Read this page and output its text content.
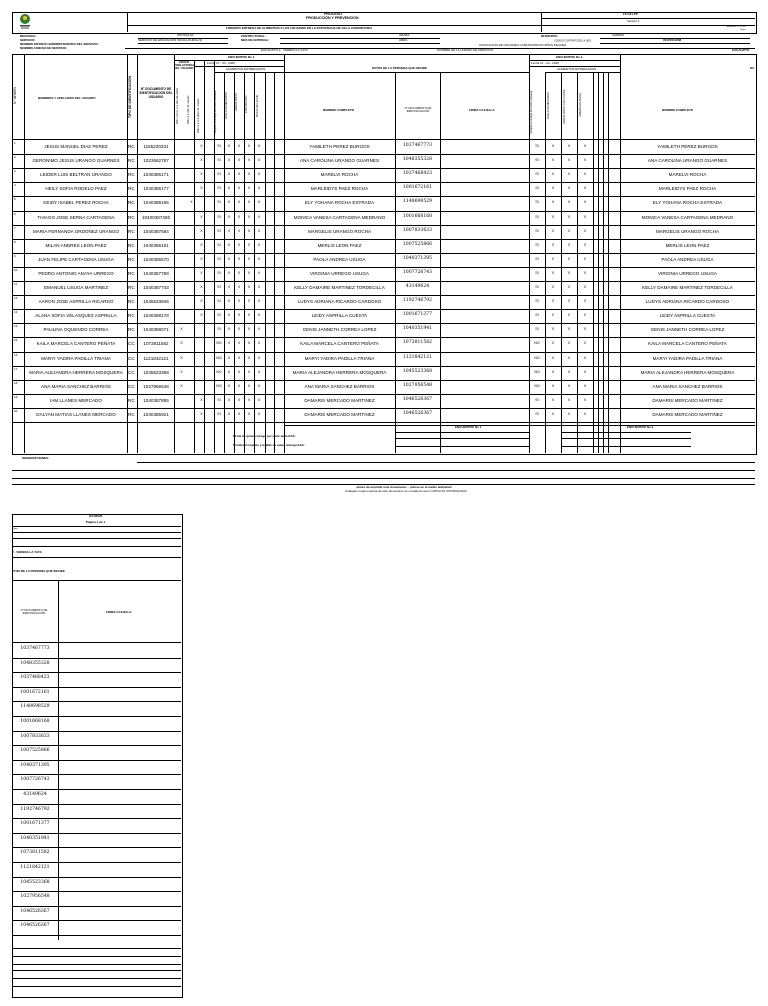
PROCESO
PRODUCCIÓN Y PREVENCIÓN
FORMATO ENTREGA DE ALIMENTOS A LOS USUARIOS EN LA ESTRATEGIA DE CILLA COMUNITARIA
F5.G21.PP
Versión 1
Aprobación: 01.11.2024
Página
REGIONAL:	ANTIOQUIA
SERVICIO:	SERVICIO DE EDUCACION INICIAL RURAL(3)
NOMBRE ENTIDAD ADMINISTRADORA DEL SERVICIO:
NOMBRE UNIDAD DE SERVICIO:
CENTRO ZONAL:	URABA
MES DE ENTREGA:	ABRIL
MUNICIPIO:	CAREPA
CODIGO CONTRATO DE LA UDS:	05472011368
ASOCIACION DE HOGARES COMUNITARIOS NIÑOS FELICES
EUCALIPTO 2 - VEREDA LA YAYA	NOMBRE DE LA UNIDAD DE ATENCIÓN:	EUCALIPTO
N° ORDEN	NOMBRES Y APELLIDOS DEL USUARIO	TIPO DE IDENTIFICACIÓN	N° DOCUMENTO DE IDENTIFICACIÓN DEL USUARIO
GRUPO POBLACIONAL DEL USUARIO
Niño menor a 1 año de edad	Niño a 1 año 11 meses Niño a 2 a 4 años 11 meses
ENCUENTRO No 1
Fecha 07 - 04 - 2025
ALIMENTOS ENTREGADOS
Cumple la entrega de ración mensual	ROLLO ALIMENTARIO	ARROZ NIÑOS	FORTIFICADO	BOLSA DE LECHE
DATOS DE LA PERSONA QUE RECIBE
NOMBRE COMPLETO	N° DOCUMENTO DE IDENTIFICACIÓN	FIRMA O HUELLA
ENCUENTRO No 2
Fecha 21 - 04 - 2025
ALIMENTOS ENTREGADOS
Cumple la entrega de ración mensual	ROLLO ALIMENTARIO	ARROZ NIÑOS CON CARNE	CEBADA EN PERLA	NOMBRE COMPLETO
DA
1
JESUS MANUEL DIAZ PEREZ	RC	1155220331	X	SI	X	X	X	X	YAMILETH PEREZ BURGOS	1037467773	SI	X	X	X	YAMILETH PEREZ BURGOS
2
GERONIMO JESUS URANGO GUARNES	RC	1023662787	X	SI	X	X	X	X	ANA CAROLINA URANGO GUARNES	1048355328	SI	X	X	X	ANA CAROLINA URANGO GUARNES
3
LEIDER LUIS BELTRAN URANGO	RC	1040386171	X	SI	X	X	X	X	MARELVI ROCHA	1037468423	SI	X	X	X	MARELVI ROCHA
4
HEILY SOFIA RODELO PAEZ	RC	1040385177	X	SI	X	X	X	X	MARLEIDYS PAEZ ROCHA	1001672161	SI	X	X	X	MARLEIDYS PAEZ ROCHA
5
KEIDY ISABEL PEREZ ROCHA	RC	1040389165	X	SI	X	X	X	X	ELY YOHANA ROCHA ESTRADA	1148698529	SI	X	X	X	ELY YOHANA ROCHA ESTRADA
6
THIAGO JOSE SERNA CARTAGENA	RC	10400387406	X	SI	X	X	X	X	MONICA VANESA CARTAGENA MEDRANO	1001668168	SI	X	X	X	MONICA VANESA CARTAGENA MEDRANO
7
MARIA FERNANDA ORDOÑEZ URANGO	RC	1040387584	X	SI	X	X	X	X	MARGELIS URANGO ROCHA	1007833633	SI	X	X	X	MARGELIS URANGO ROCHA
8
MILAN ANDRES LEON PAEZ	RC	1040388161	X	SI	X	X	X	X	MERLIS LEON PAEZ	1007525866	SI	X	X	X	MERLIS LEON PAEZ
9
JUAN FELIPE CARTAGENA USUGA	RC	1040385570	X	SI	X	X	X	X	PAOLA ANDREA USUGA	1040371395	SI	X	X	X	PAOLA ANDREA USUGA
10
PEDRO ANTONIO ANAYA URREGO	RC	1040387789	X	SI	X	X	X	X	VIRGINIA URREGO USUGA	1007726743	SI	X	X	X	VIRGINIA URREGO USUGA
11
EMANUEL USUGA MARTINEZ	RC	1040387743	X	SI	X	X	X	X	KELLY DAMAIRE MARTINEZ TORDECILLA	43149624	SI	X	X	X	KELLY DAMAIRE MARTINEZ TORDECILLA
12
AARON JOSE ASPRILLA RICARDO	RC	1045533946	X	SI	X	X	X	X	LUDYS ADRIANA RICARDO CARDOSO	1192746792	SI	X	X	X	LUDYS ADRIANA RICARDO CARDOSO
13
ALANA SOFIA VELASQUEZ ASPRILLA	RC	1040388178	X	SI	X	X	X	X	LEIDY ASPRILLA CUESTA	1001671377	SI	X	X	X	LEIDY ASPRILLA CUESTA
14
PAULINA OQUENDO CORREA	RC	1040388071	X	SI	X	X	X	X	GENIS JANNETH CORREA LOPEZ	1040351941	SI	X	X	X	GENIS JANNETH CORREA LOPEZ
15
KAILA MARCELA CANTERO PEÑATA	CC	1073811582	X	NO	X	X	X	X	KAILA MARCELA CANTERO PEÑATA	1073811582	NO	X	X	X	KAILA MARCELA CANTERO PEÑATA
16
MARYI YADIRA PADILLA TRIANA	CC	1121842121	X	NO	X	X	X	X	MARYI YADIRA PADILLA TRIANA	1121842121	NO	X	X	X	MARYI YADIRA PADILLA TRIANA
17
MARIA ALEJANDRA HERRERA MOSQUERA	CC	1045523368	X	NO	X	X	X	X	MARIA ALEJANDRA HERRERA MOSQUERA	1045523368	NO	X	X	X	MARIA ALEJANDRA HERRERA MOSQUERA
18
ANA MARIA SANCHEZ BARRIOS	CC	1027956548	X	NO	X	X	X	X	ANA MARIA SANCHEZ BARRIOS	1027956548	NO	X	X	X	ANA MARIA SANCHEZ BARRIOS
19
IAM LLANES MERCADO	RC	1040387855	X	SI	X	X	X	X	DAMARIS MERCADO MARTINEZ	1046526367	SI	X	X	X	DAMARIS MERCADO MARTINEZ
20
DALYAN MATIAS LLANES MERCADO	RC	1040385921	X	SI	X	X	X	X	DAMARIS MERCADO MARTINEZ	1046526367	SI	X	X	X	DAMARIS MERCADO MARTINEZ
ENCUENTRO No 1	ENCUENTRO No 2
Firma de quien entrega por parte de la EAS:
Nombre Completo y legible de quien entrega EAS:
OBSERVACIONES:
¡Antes de imprimir este documento… piense en el medio ambiente!
Cualquier copia impresa de este documento se considera como COPIA NO CONTROLADA
2/14/2025
Página 1 de 1
Página
2 - VEREDA LA YAYA
ATOS DE LA PERSONA QUE RECIBE
N° DOCUMENTO DE IDENTIFICACIÓN	FIRMA O HUELLA
1037467773
1048355328
1037468423
1001672161
1148698529
1001668168
1007833633
1007525866
1040371395
1007726743
43149624
1192746792
1001671377
1040351941
1073811582
1121842121
1045523368
1027956548
1046526367
1046526367
